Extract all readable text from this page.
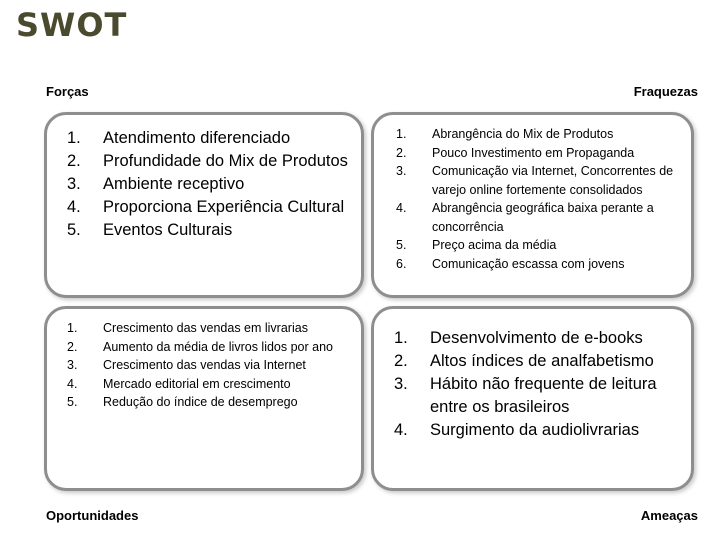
SWOT
Forças	Fraquezas
Oportunidades	Ameaças
1.	Atendimento diferenciado
2.	Profundidade do Mix de Produtos
3.	Ambiente receptivo
4.	Proporciona Experiência Cultural
5.	Eventos Culturais
1.	Abrangência do Mix de Produtos
2.	Pouco Investimento em Propaganda
3.	Comunicação via Internet, Concorrentes de varejo online fortemente consolidados
4.	Abrangência geográfica baixa perante a concorrência
5.	Preço acima da média
6.	Comunicação escassa com jovens
1.	Crescimento das vendas em livrarias
2.	Aumento da média de livros lidos por ano
3.	Crescimento das vendas via Internet
4.	Mercado editorial em crescimento
5.	Redução do índice de desemprego
1.	Desenvolvimento de e-books
2.	Altos índices de analfabetismo
3.	Hábito não frequente de leitura entre os brasileiros
4.	Surgimento da audiolivrarias
